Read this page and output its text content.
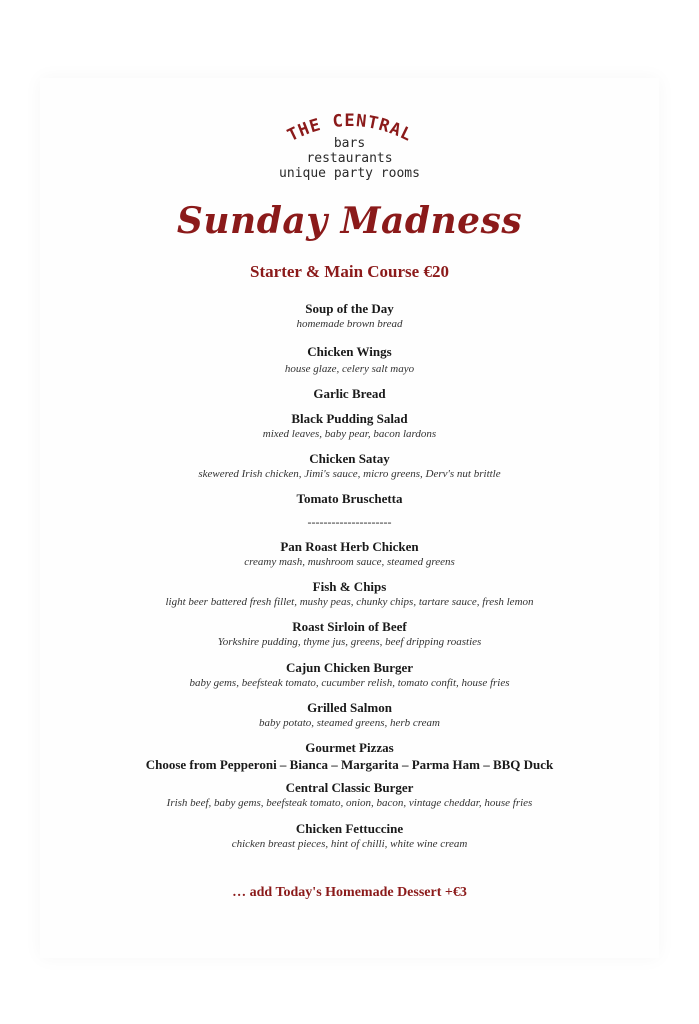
THE CENTRAL
bars
restaurants
unique party rooms
Sunday Madness
Starter & Main Course €20
Soup of the Day
homemade brown bread
Chicken Wings
house glaze, celery salt mayo
Garlic Bread
Black Pudding Salad
mixed leaves, baby pear, bacon lardons
Chicken Satay
skewered Irish chicken, Jimi's sauce, micro greens, Derv's nut brittle
Tomato Bruschetta
---------------------
Pan Roast Herb Chicken
creamy mash, mushroom sauce, steamed greens
Fish & Chips
light beer battered fresh fillet, mushy peas, chunky chips, tartare sauce, fresh lemon
Roast Sirloin of Beef
Yorkshire pudding, thyme jus, greens, beef dripping roasties
Cajun Chicken Burger
baby gems, beefsteak tomato, cucumber relish, tomato confit, house fries
Grilled Salmon
baby potato, steamed greens, herb cream
Gourmet Pizzas
Choose from Pepperoni – Bianca – Margarita – Parma Ham – BBQ Duck
Central Classic Burger
Irish beef, baby gems, beefsteak tomato, onion, bacon, vintage cheddar, house fries
Chicken Fettuccine
chicken breast pieces, hint of chilli, white wine cream
… add Today's Homemade Dessert +€3
